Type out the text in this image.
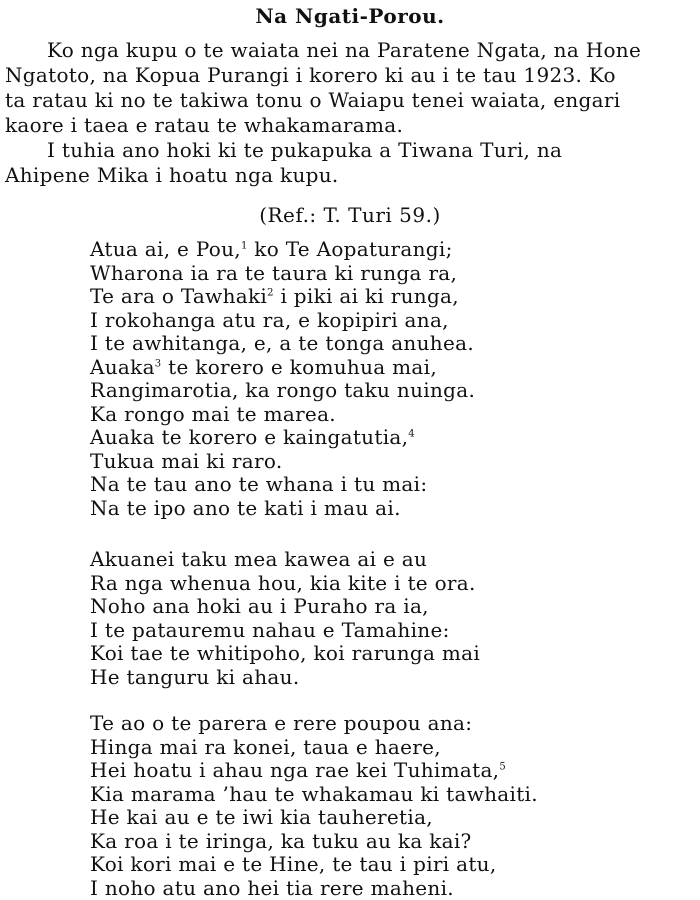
Na Ngati-Porou.

Ko nga kupu o te waiata nei na Paratene Ngata, na Hone
Ngatoto, na Kopua Purangi i korero ki au i te tau 1923. Ko
ta ratau ki no te takiwa tonu o Waiapu tenei waiata, engari
kaore i taea e ratau te whakamarama.

I tuhia ano hoki ki te pukapuka a Tiwana Turi, na
Ahipene Mika i hoatu nga kupu.

(Ref.: T. Turi 59.)
Atua ai, e Pou,$^1$ ko Te Aopaturangi;
Wharona ia ra te taura ki runga ra,
Te ara o Tawhaki$^2$ i piki ai ki runga,
I rokohanga atu ra, e kopipiri ana,
I te awhitanga, e, a te tonga anuhea.
Auaka$^3$ te korero e komuhua mai,
Rangimarotia, ka rongo taku nuinga.
Ka rongo mai te marea.
Auaka te korero e kaingatutia,$^4$
Tukua mai ki raro.
Na te tau ano te whana i tu mai:
Na te ipo ano te kati i mau ai.
Akuanei taku mea kawea ai e au
Ra nga whenua hou, kia kite i te ora.
Noho ana hoki au i Puraho ra ia,
I te patauremu nahau e Tamahine:
Koi tae te whitipoho, koi rarunga mai
He tanguru ki ahau.
Te ao o te parera e rere poupou ana:
Hinga mai ra konei, taua e haere,
Hei hoatu i ahau nga rae kei Tuhimata,$^5$
Kia marama ’hau te whakamau ki tawhaiti.
He kai au e te iwi kia tauheretia,
Ka roa i te iringa, ka tuku au ka kai?
Koi kori mai e te Hine, te tau i piri atu,
I noho atu ano hei tia rere maheni.
